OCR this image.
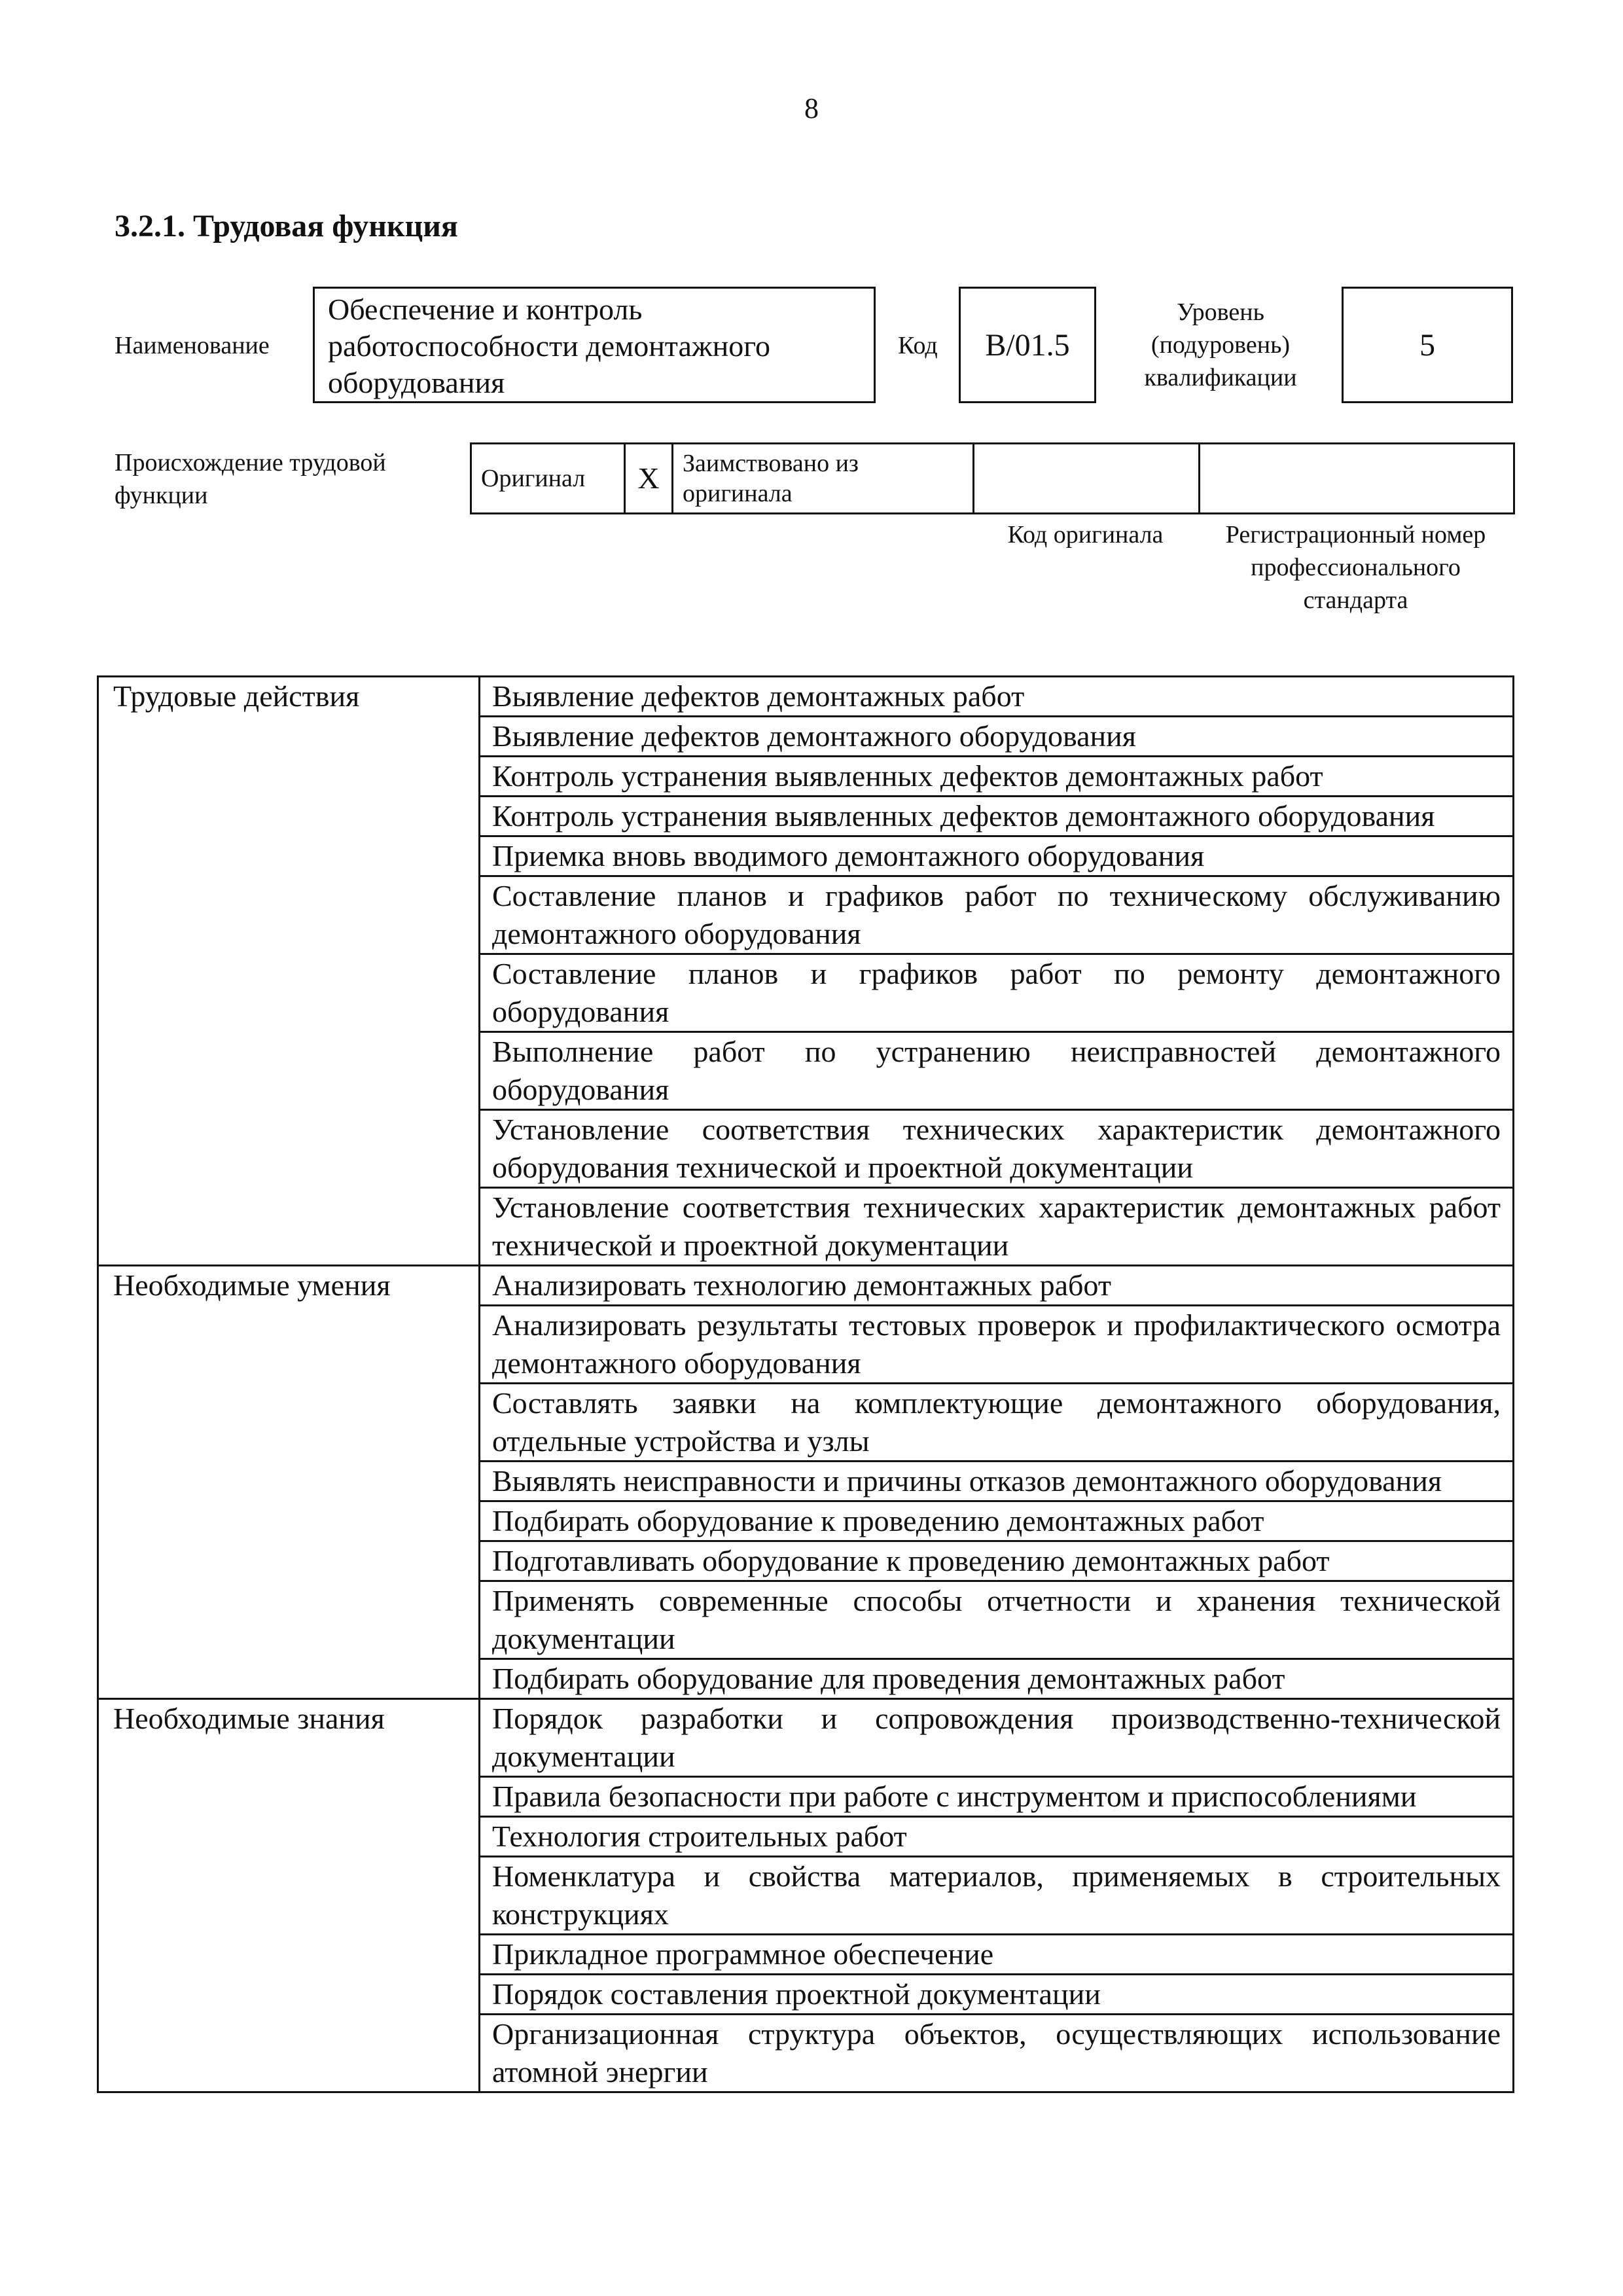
8
3.2.1. Трудовая функция
Наименование
Обеспечение и контроль работоспособности демонтажного оборудования
Код	B/01.5
Уровень
(подуровень)
квалификации
5
Происхождение трудовой функции
Оригинал	X	Заимствовано из оригинала		
Код оригинала	Регистрационный номер профессионального стандарта
Трудовые действия	Выявление дефектов демонтажных работ
	Выявление дефектов демонтажного оборудования
	Контроль устранения выявленных дефектов демонтажных работ
	Контроль устранения выявленных дефектов демонтажного оборудования
	Приемка вновь вводимого демонтажного оборудования
	Составление планов и графиков работ по техническому обслуживанию демонтажного оборудования
	Составление планов и графиков работ по ремонту демонтажного оборудования
	Выполнение работ по устранению неисправностей демонтажного оборудования
	Установление соответствия технических характеристик демонтажного оборудования технической и проектной документации
	Установление соответствия технических характеристик демонтажных работ технической и проектной документации
Необходимые умения	Анализировать технологию демонтажных работ
	Анализировать результаты тестовых проверок и профилактического осмотра демонтажного оборудования
	Составлять заявки на комплектующие демонтажного оборудования, отдельные устройства и узлы
	Выявлять неисправности и причины отказов демонтажного оборудования
	Подбирать оборудование к проведению демонтажных работ
	Подготавливать оборудование к проведению демонтажных работ
	Применять современные способы отчетности и хранения технической документации
	Подбирать оборудование для проведения демонтажных работ
Необходимые знания	Порядок разработки и сопровождения производственно-технической документации
	Правила безопасности при работе с инструментом и приспособлениями
	Технология строительных работ
	Номенклатура и свойства материалов, применяемых в строительных конструкциях
	Прикладное программное обеспечение
	Порядок составления проектной документации
	Организационная структура объектов, осуществляющих использование атомной энергии
